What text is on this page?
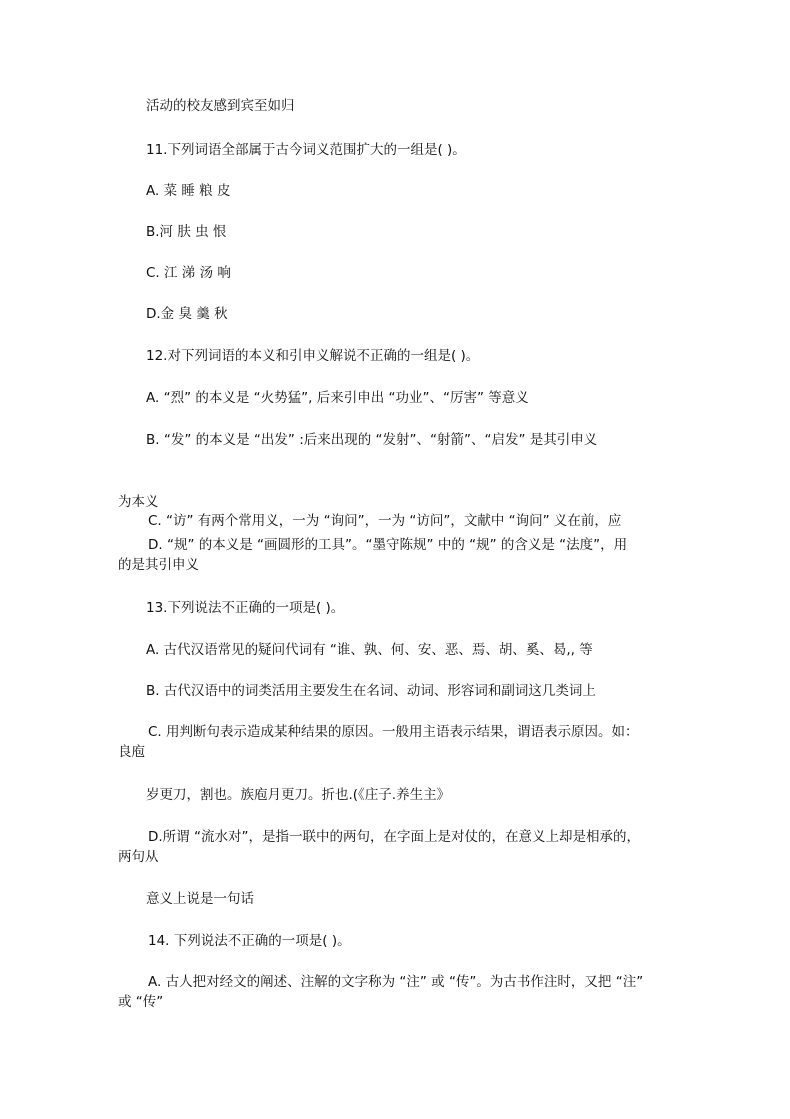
活动的校友感到宾至如归

11.下列词语全部属于古今词义范围扩大的一组是( )。

A. 菜 睡 粮 皮

B.河 肤 虫 恨

C. 江 涕 汤 响

D.金 臭 羹 秋

12.对下列词语的本义和引申义解说不正确的一组是( )。

A. “烈” 的本义是 “火势猛”, 后来引申出 “功业”、“厉害” 等意义

B. “发” 的本义是 “出发” :后来出现的 “发射”、“射箭”、“启发” 是其引申义

C. “访” 有两个常用义，一为 “询问”，一为 “访问”，文献中 “询问” 义在前，应

为本义

D. “规” 的本义是 “画圆形的工具”。“墨守陈规” 中的 “规” 的含义是 “法度”，用

的是其引申义

13.下列说法不正确的一项是( )。

A. 古代汉语常见的疑问代词有 “谁、孰、何、安、恶、焉、胡、奚、曷,, 等

B. 古代汉语中的词类活用主要发生在名词、动词、形容词和副词这几类词上

C. 用判断句表示造成某种结果的原因。一般用主语表示结果，谓语表示原因。如：

良庖

岁更刀，割也。族庖月更刀。折也.(《庄子.养生主》

D.所谓 “流水对”，是指一联中的两句，在字面上是对仗的，在意义上却是相承的，

两句从

意义上说是一句话

14. 下列说法不正确的一项是( )。

A. 古人把对经文的阐述、注解的文字称为 “注” 或 “传”。为古书作注时，又把 “注”

或 “传”
